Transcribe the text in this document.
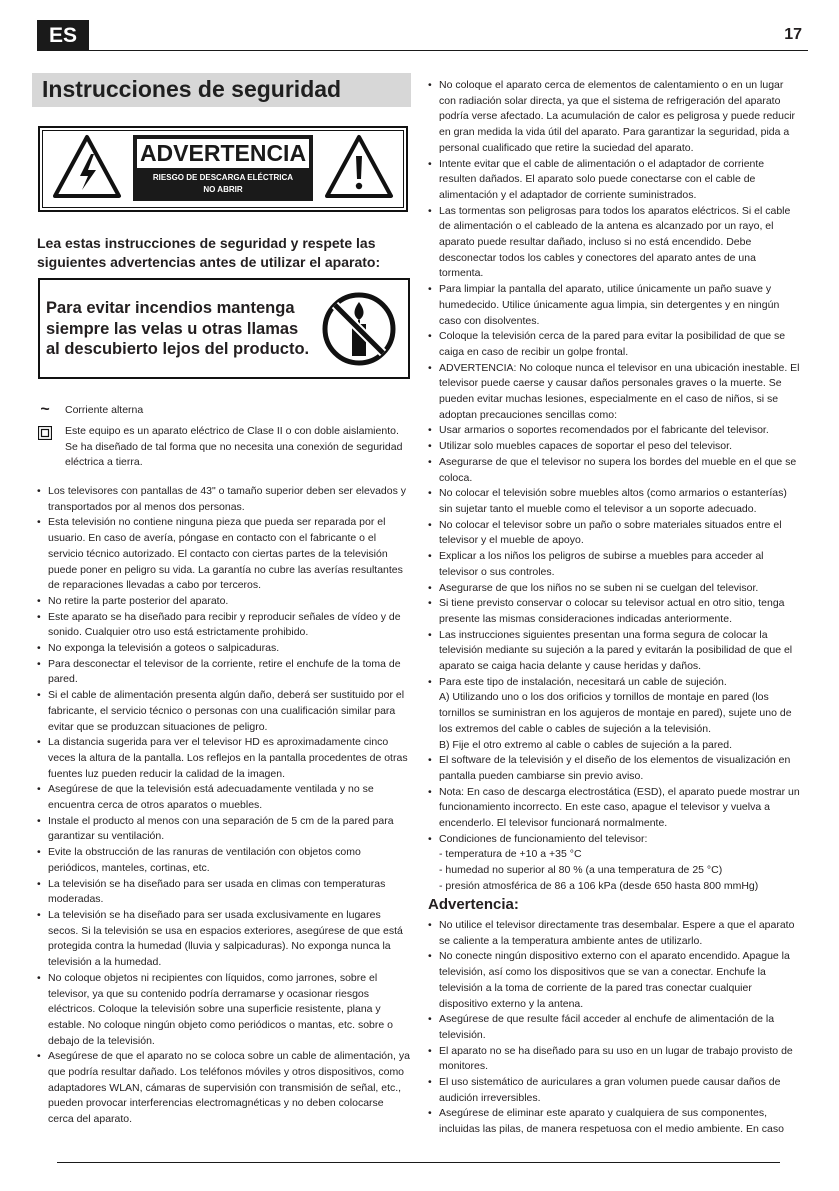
ES	17
Instrucciones de seguridad
ADVERTENCIA
RIESGO DE DESCARGA ELÉCTRICA
NO ABRIR
Lea estas instrucciones de seguridad y respete las siguientes advertencias antes de utilizar el aparato:
Para evitar incendios mantenga siempre las velas u otras llamas al descubierto lejos del producto.
~	Corriente alterna
Este equipo es un aparato eléctrico de Clase II o con doble aislamiento. Se ha diseñado de tal forma que no necesita una conexión de seguridad eléctrica a tierra.
• Los televisores con pantallas de 43" o tamaño superior deben ser elevados y transportados por al menos dos personas.
• Esta televisión no contiene ninguna pieza que pueda ser reparada por el usuario. En caso de avería, póngase en contacto con el fabricante o el servicio técnico autorizado. El contacto con ciertas partes de la televisión puede poner en peligro su vida. La garantía no cubre las averías resultantes de reparaciones llevadas a cabo por terceros.
• No retire la parte posterior del aparato.
• Este aparato se ha diseñado para recibir y reproducir señales de vídeo y de sonido. Cualquier otro uso está estrictamente prohibido.
• No exponga la televisión a goteos o salpicaduras.
• Para desconectar el televisor de la corriente, retire el enchufe de la toma de pared.
• Si el cable de alimentación presenta algún daño, deberá ser sustituido por el fabricante, el servicio técnico o personas con una cualificación similar para evitar que se produzcan situaciones de peligro.
• La distancia sugerida para ver el televisor HD es aproximadamente cinco veces la altura de la pantalla. Los reflejos en la pantalla procedentes de otras fuentes luz pueden reducir la calidad de la imagen.
• Asegúrese de que la televisión está adecuadamente ventilada y no se encuentra cerca de otros aparatos o muebles.
• Instale el producto al menos con una separación de 5 cm de la pared para garantizar su ventilación.
• Evite la obstrucción de las ranuras de ventilación con objetos como periódicos, manteles, cortinas, etc.
• La televisión se ha diseñado para ser usada en climas con temperaturas moderadas.
• La televisión se ha diseñado para ser usada exclusivamente en lugares secos. Si la televisión se usa en espacios exteriores, asegúrese de que está protegida contra la humedad (lluvia y salpicaduras). No exponga nunca la televisión a la humedad.
• No coloque objetos ni recipientes con líquidos, como jarrones, sobre el televisor, ya que su contenido podría derramarse y ocasionar riesgos eléctricos. Coloque la televisión sobre una superficie resistente, plana y estable. No coloque ningún objeto como periódicos o mantas, etc. sobre o debajo de la televisión.
• Asegúrese de que el aparato no se coloca sobre un cable de alimentación, ya que podría resultar dañado. Los teléfonos móviles y otros dispositivos, como adaptadores WLAN, cámaras de supervisión con transmisión de señal, etc., pueden provocar interferencias electromagnéticas y no deben colocarse cerca del aparato.
• No coloque el aparato cerca de elementos de calentamiento o en un lugar con radiación solar directa, ya que el sistema de refrigeración del aparato podría verse afectado. La acumulación de calor es peligrosa y puede reducir en gran medida la vida útil del aparato. Para garantizar la seguridad, pida a personal cualificado que retire la suciedad del aparato.
• Intente evitar que el cable de alimentación o el adaptador de corriente resulten dañados. El aparato solo puede conectarse con el cable de alimentación y el adaptador de corriente suministrados.
• Las tormentas son peligrosas para todos los aparatos eléctricos. Si el cable de alimentación o el cableado de la antena es alcanzado por un rayo, el aparato puede resultar dañado, incluso si no está encendido. Debe desconectar todos los cables y conectores del aparato antes de una tormenta.
• Para limpiar la pantalla del aparato, utilice únicamente un paño suave y humedecido. Utilice únicamente agua limpia, sin detergentes y en ningún caso con disolventes.
• Coloque la televisión cerca de la pared para evitar la posibilidad de que se caiga en caso de recibir un golpe frontal.
• ADVERTENCIA: No coloque nunca el televisor en una ubicación inestable. El televisor puede caerse y causar daños personales graves o la muerte. Se pueden evitar muchas lesiones, especialmente en el caso de niños, si se adoptan precauciones sencillas como:
• Usar armarios o soportes recomendados por el fabricante del televisor.
• Utilizar solo muebles capaces de soportar el peso del televisor.
• Asegurarse de que el televisor no supera los bordes del mueble en el que se coloca.
• No colocar el televisión sobre muebles altos (como armarios o estanterías) sin sujetar tanto el mueble como el televisor a un soporte adecuado.
• No colocar el televisor sobre un paño o sobre materiales situados entre el televisor y el mueble de apoyo.
• Explicar a los niños los peligros de subirse a muebles para acceder al televisor o sus controles.
• Asegurarse de que los niños no se suben ni se cuelgan del televisor.
• Si tiene previsto conservar o colocar su televisor actual en otro sitio, tenga presente las mismas consideraciones indicadas anteriormente.
• Las instrucciones siguientes presentan una forma segura de colocar la televisión mediante su sujeción a la pared y evitarán la posibilidad de que el aparato se caiga hacia delante y cause heridas y daños.
• Para este tipo de instalación, necesitará un cable de sujeción.
A) Utilizando uno o los dos orificios y tornillos de montaje en pared (los tornillos se suministran en los agujeros de montaje en pared), sujete uno de los extremos del cable o cables de sujeción a la televisión.
B) Fije el otro extremo al cable o cables de sujeción a la pared.
• El software de la televisión y el diseño de los elementos de visualización en pantalla pueden cambiarse sin previo aviso.
• Nota: En caso de descarga electrostática (ESD), el aparato puede mostrar un funcionamiento incorrecto. En este caso, apague el televisor y vuelva a encenderlo. El televisor funcionará normalmente.
• Condiciones de funcionamiento del televisor:
- temperatura de +10 a +35 °C
- humedad no superior al 80 % (a una temperatura de 25 °C)
- presión atmosférica de 86 a 106 kPa (desde 650 hasta 800 mmHg)
Advertencia:
• No utilice el televisor directamente tras desembalar. Espere a que el aparato se caliente a la temperatura ambiente antes de utilizarlo.
• No conecte ningún dispositivo externo con el aparato encendido. Apague la televisión, así como los dispositivos que se van a conectar. Enchufe la televisión a la toma de corriente de la pared tras conectar cualquier dispositivo externo y la antena.
• Asegúrese de que resulte fácil acceder al enchufe de alimentación de la televisión.
• El aparato no se ha diseñado para su uso en un lugar de trabajo provisto de monitores.
• El uso sistemático de auriculares a gran volumen puede causar daños de audición irreversibles.
• Asegúrese de eliminar este aparato y cualquiera de sus componentes, incluidas las pilas, de manera respetuosa con el medio ambiente. En caso
